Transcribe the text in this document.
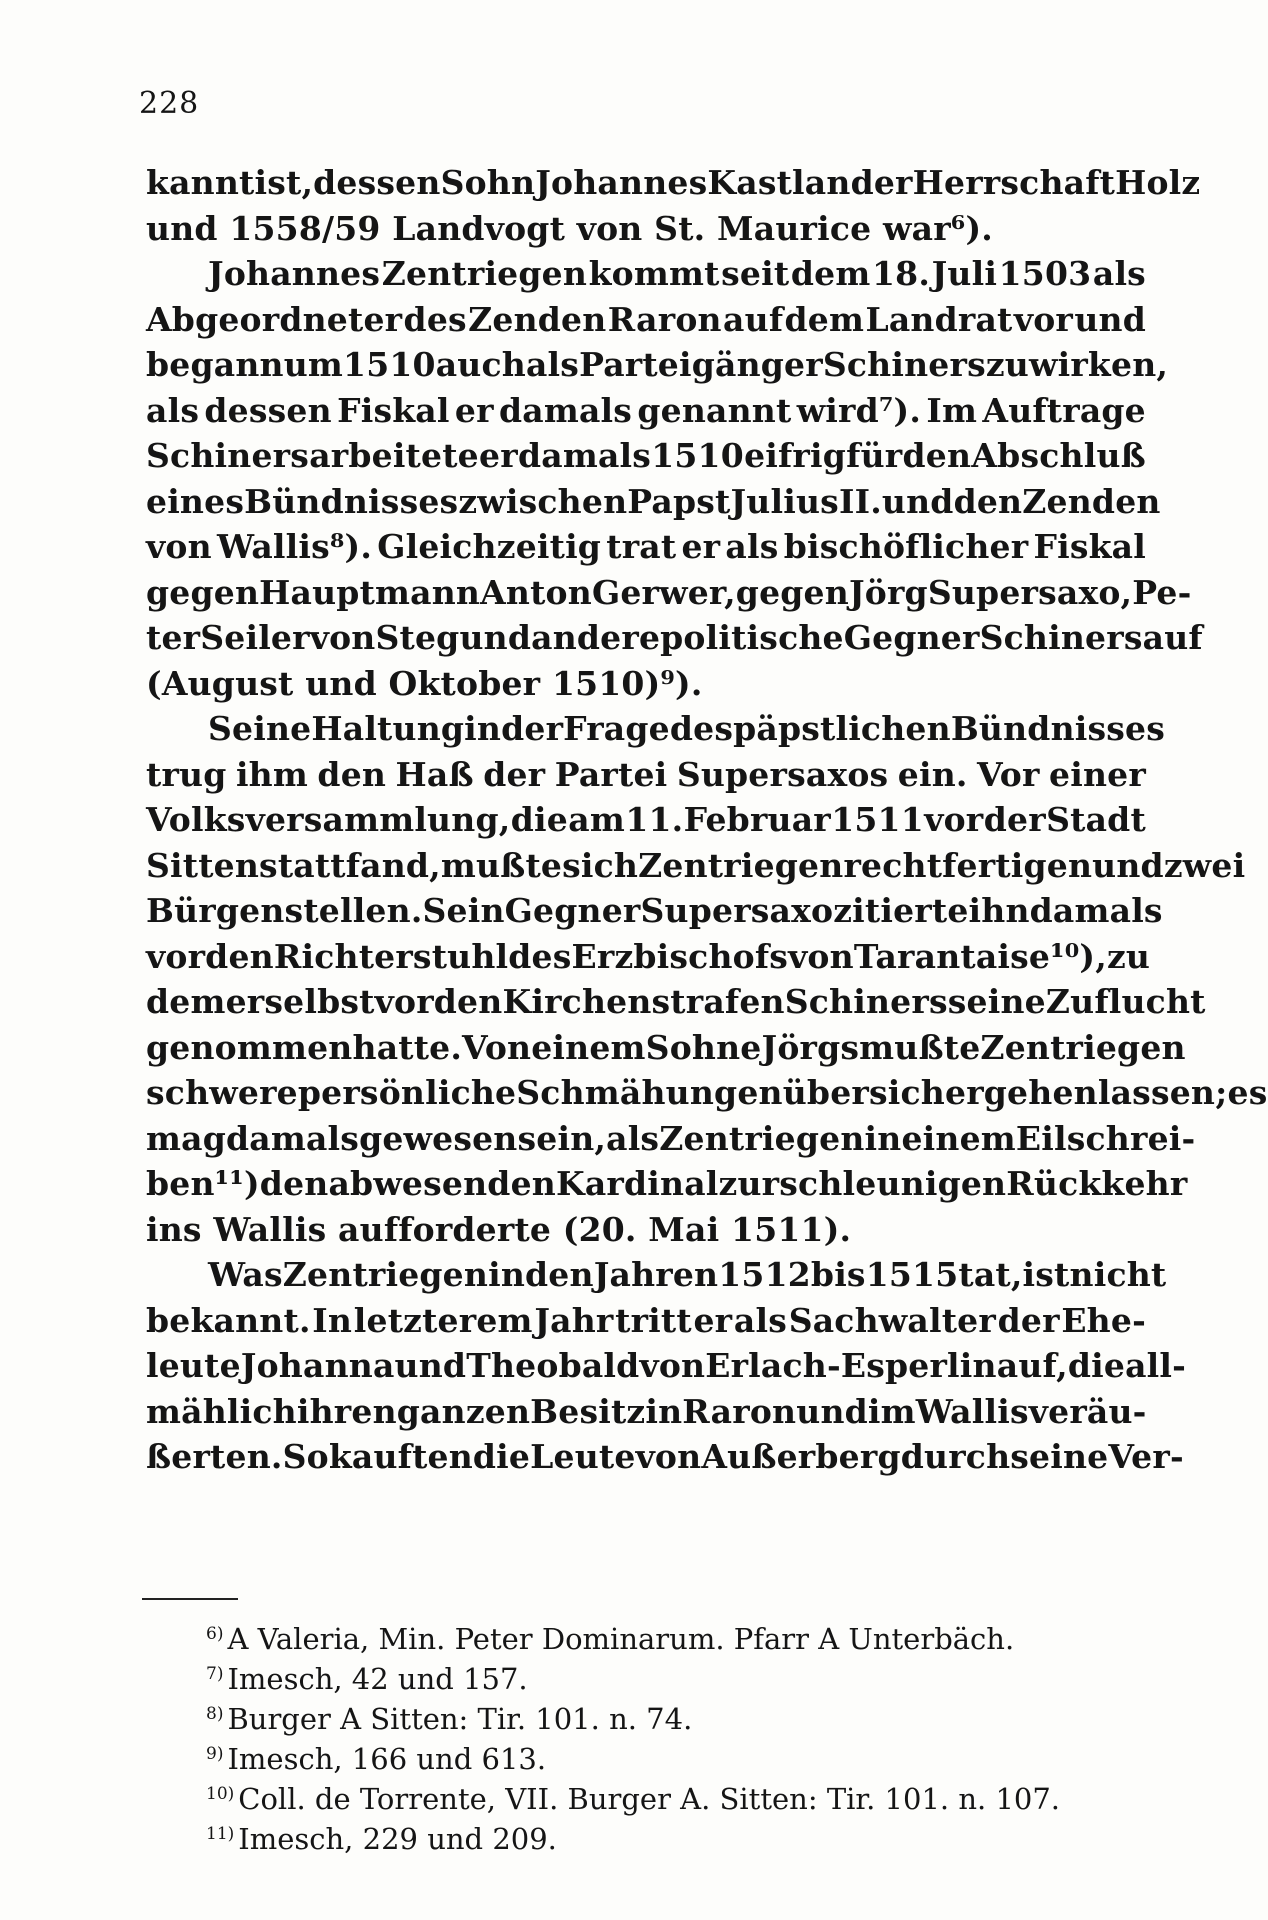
228
kannt ist, dessen Sohn Johannes Kastlan der Herrschaft Holz
und 1558/59 Landvogt von St. Maurice war⁶).
Johannes Zentriegen kommt seit dem 18. Juli 1503 als
Abgeordneter des Zenden Raron auf dem Landrat vor und
begann um 1510 auch als Parteigänger Schiners zu wirken,
als dessen Fiskal er damals genannt wird⁷). Im Auftrage
Schiners arbeitete er damals 1510 eifrig für den Abschluß
eines Bündnisses zwischen Papst Julius II. und den Zenden
von Wallis⁸). Gleichzeitig trat er als bischöflicher Fiskal
gegen Hauptmann Anton Gerwer, gegen Jörg Supersaxo, Pe-
ter Seiler von Steg und andere politische Gegner Schiners auf
(August und Oktober 1510)⁹).
Seine Haltung in der Frage des päpstlichen Bündnisses
trug ihm den Haß der Partei Supersaxos ein. Vor einer
Volksversammlung, die am 11. Februar 1511 vor der Stadt
Sitten stattfand, mußte sich Zentriegen rechtfertigen und zwei
Bürgen stellen. Sein Gegner Supersaxo zitierte ihn damals
vor den Richterstuhl des Erzbischofs von Tarantaise¹⁰), zu
dem er selbst vor den Kirchenstrafen Schiners seine Zuflucht
genommen hatte. Von einem Sohne Jörgs mußte Zentriegen
schwere persönliche Schmähungen über sich ergehen lassen; es
mag damals gewesen sein, als Zentriegen in einem Eilschrei-
ben¹¹) den abwesenden Kardinal zur schleunigen Rückkehr
ins Wallis aufforderte (20. Mai 1511).
Was Zentriegen in den Jahren 1512 bis 1515 tat, ist nicht
bekannt. In letzterem Jahr tritt er als Sachwalter der Ehe-
leute Johanna und Theobald von Erlach-Esperlin auf, die all-
mählich ihren ganzen Besitz in Raron und im Wallis veräu-
ßerten. So kauften die Leute von Außerberg durch seine Ver-
$^{6)}$ A Valeria, Min. Peter Dominarum. Pfarr A Unterbäch.
$^{7)}$ Imesch, 42 und 157.
$^{8)}$ Burger A Sitten: Tir. 101. n. 74.
$^{9)}$ Imesch, 166 und 613.
$^{10)}$ Coll. de Torrente, VII. Burger A. Sitten: Tir. 101. n. 107.
$^{11)}$ Imesch, 229 und 209.
